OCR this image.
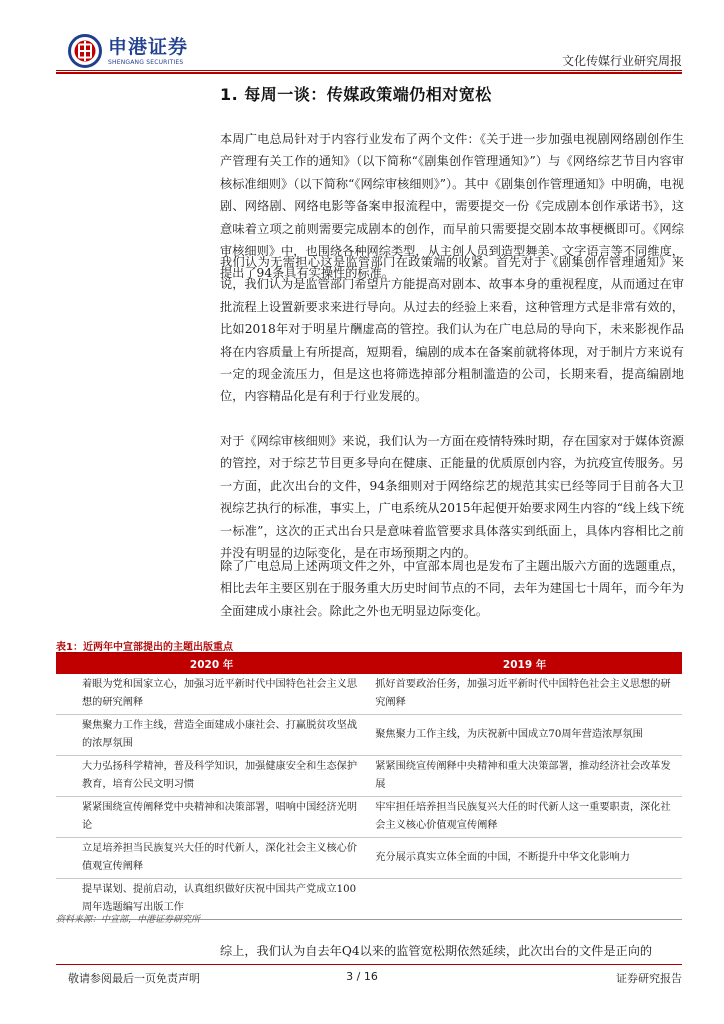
申港证券
SHENGANG SECURITIES	文化传媒行业研究周报
1. 每周一谈：传媒政策端仍相对宽松

本周广电总局针对于内容行业发布了两个文件：《关于进一步加强电视剧网络剧创作生产管理有关工作的通知》（以下简称“《剧集创作管理通知》”）与《网络综艺节目内容审核标准细则》（以下简称“《网综审核细则》”）。其中《剧集创作管理通知》中明确，电视剧、网络剧、网络电影等备案申报流程中，需要提交一份《完成剧本创作承诺书》，这意味着立项之前则需要完成剧本的创作，而早前只需要提交剧本故事梗概即可。《网综审核细则》中，也围绕各种网综类型，从主创人员到造型舞美、文字语言等不同维度，提出了94条具有实操性的标准。

我们认为无需担心这是监管部门在政策端的收紧。首先对于《剧集创作管理通知》来说，我们认为是监管部门希望片方能提高对剧本、故事本身的重视程度，从而通过在审批流程上设置新要求来进行导向。从过去的经验上来看，这种管理方式是非常有效的，比如2018年对于明星片酬虚高的管控。我们认为在广电总局的导向下，未来影视作品将在内容质量上有所提高，短期看，编剧的成本在备案前就将体现，对于制片方来说有一定的现金流压力，但是这也将筛选掉部分粗制滥造的公司，长期来看，提高编剧地位，内容精品化是有利于行业发展的。

对于《网综审核细则》来说，我们认为一方面在疫情特殊时期，存在国家对于媒体资源的管控，对于综艺节目更多导向在健康、正能量的优质原创内容，为抗疫宣传服务。另一方面，此次出台的文件，94条细则对于网络综艺的规范其实已经等同于目前各大卫视综艺执行的标准，事实上，广电系统从2015年起便开始要求网生内容的“线上线下统一标准”，这次的正式出台只是意味着监管要求具体落实到纸面上，具体内容相比之前并没有明显的边际变化，是在市场预期之内的。

除了广电总局上述两项文件之外，中宣部本周也是发布了主题出版六方面的选题重点，相比去年主要区别在于服务重大历史时间节点的不同，去年为建国七十周年，而今年为全面建成小康社会。除此之外也无明显边际变化。

表1：近两年中宣部提出的主题出版重点
2020 年	2019 年
着眼为党和国家立心，加强习近平新时代中国特色社会主义思想的研究阐释	抓好首要政治任务，加强习近平新时代中国特色社会主义思想的研究阐释
聚焦聚力工作主线，营造全面建成小康社会、打赢脱贫攻坚战的浓厚氛围	聚焦聚力工作主线，为庆祝新中国成立70周年营造浓厚氛围
大力弘扬科学精神，普及科学知识，加强健康安全和生态保护教育，培育公民文明习惯	紧紧围绕宣传阐释中央精神和重大决策部署，推动经济社会改革发展
紧紧围绕宣传阐释党中央精神和决策部署，唱响中国经济光明论	牢牢担任培养担当民族复兴大任的时代新人这一重要职责，深化社会主义核心价值观宣传阐释
立足培养担当民族复兴大任的时代新人，深化社会主义核心价值观宣传阐释	充分展示真实立体全面的中国，不断提升中华文化影响力
提早谋划、提前启动，认真组织做好庆祝中国共产党成立100周年选题编写出版工作	
资料来源：中宣部，申港证券研究所

综上，我们认为自去年Q4以来的监管宽松期依然延续，此次出台的文件是正向的

敬请参阅最后一页免责声明	3 / 16	证券研究报告
